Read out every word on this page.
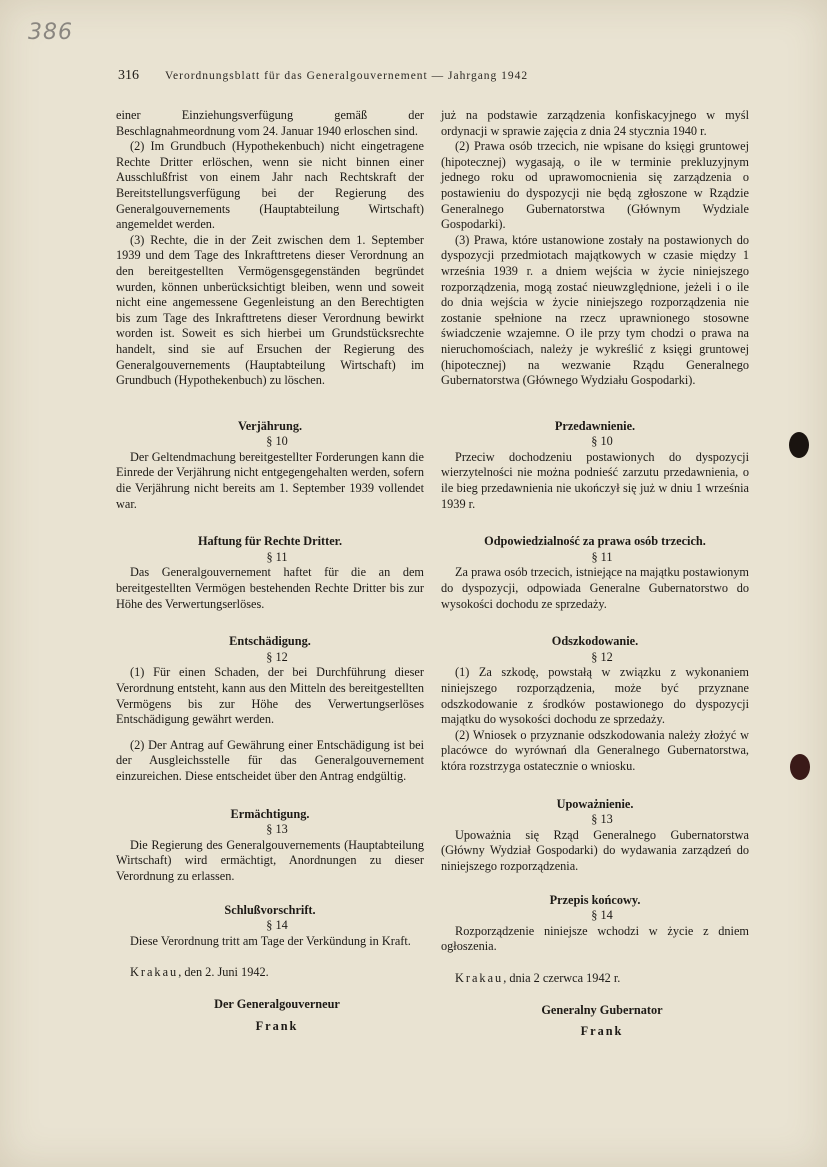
386
316 Verordnungsblatt für das Generalgouvernement — Jahrgang 1942

einer Einziehungsverfügung gemäß der Beschlagnahmeordnung vom 24. Januar 1940 erloschen sind.

(2) Im Grundbuch (Hypothekenbuch) nicht eingetragene Rechte Dritter erlöschen, wenn sie nicht binnen einer Ausschlußfrist von einem Jahr nach Rechtskraft der Bereitstellungsverfügung bei der Regierung des Generalgouvernements (Hauptabteilung Wirtschaft) angemeldet werden.

(3) Rechte, die in der Zeit zwischen dem 1. September 1939 und dem Tage des Inkrafttretens dieser Verordnung an den bereitgestellten Vermögensgegenständen begründet wurden, können unberücksichtigt bleiben, wenn und soweit nicht eine angemessene Gegenleistung an den Berechtigten bis zum Tage des Inkrafttretens dieser Verordnung bewirkt worden ist. Soweit es sich hierbei um Grundstücksrechte handelt, sind sie auf Ersuchen der Regierung des Generalgouvernements (Hauptabteilung Wirtschaft) im Grundbuch (Hypothekenbuch) zu löschen.

Verjährung.

§ 10

Der Geltendmachung bereitgestellter Forderungen kann die Einrede der Verjährung nicht entgegengehalten werden, sofern die Verjährung nicht bereits am 1. September 1939 vollendet war.

Haftung für Rechte Dritter.

§ 11

Das Generalgouvernement haftet für die an dem bereitgestellten Vermögen bestehenden Rechte Dritter bis zur Höhe des Verwertungserlöses.

Entschädigung.

§ 12

(1) Für einen Schaden, der bei Durchführung dieser Verordnung entsteht, kann aus den Mitteln des bereitgestellten Vermögens bis zur Höhe des Verwertungserlöses Entschädigung gewährt werden.

(2) Der Antrag auf Gewährung einer Entschädigung ist bei der Ausgleichsstelle für das Generalgouvernement einzureichen. Diese entscheidet über den Antrag endgültig.

Ermächtigung.

§ 13

Die Regierung des Generalgouvernements (Hauptabteilung Wirtschaft) wird ermächtigt, Anordnungen zu dieser Verordnung zu erlassen.

Schlußvorschrift.

§ 14

Diese Verordnung tritt am Tage der Verkündung in Kraft.

Krakau, den 2. Juni 1942.

Der Generalgouverneur

Frank

już na podstawie zarządzenia konfiskacyjnego w myśl ordynacji w sprawie zajęcia z dnia 24 stycznia 1940 r.

(2) Prawa osób trzecich, nie wpisane do księgi gruntowej (hipotecznej) wygasają, o ile w terminie prekluzyjnym jednego roku od uprawomocnienia się zarządzenia o postawieniu do dyspozycji nie będą zgłoszone w Rządzie Generalnego Gubernatorstwa (Głównym Wydziale Gospodarki).

(3) Prawa, które ustanowione zostały na postawionych do dyspozycji przedmiotach majątkowych w czasie między 1 września 1939 r. a dniem wejścia w życie niniejszego rozporządzenia, mogą zostać nieuwzględnione, jeżeli i o ile do dnia wejścia w życie niniejszego rozporządzenia nie zostanie spełnione na rzecz uprawnionego stosowne świadczenie wzajemne. O ile przy tym chodzi o prawa na nieruchomościach, należy je wykreślić z księgi gruntowej (hipotecznej) na wezwanie Rządu Generalnego Gubernatorstwa (Głównego Wydziału Gospodarki).

Przedawnienie.

§ 10

Przeciw dochodzeniu postawionych do dyspozycji wierzytelności nie można podnieść zarzutu przedawnienia, o ile bieg przedawnienia nie ukończył się już w dniu 1 września 1939 r.

Odpowiedzialność za prawa osób trzecich.

§ 11

Za prawa osób trzecich, istniejące na majątku postawionym do dyspozycji, odpowiada Generalne Gubernatorstwo do wysokości dochodu ze sprzedaży.

Odszkodowanie.

§ 12

(1) Za szkodę, powstałą w związku z wykonaniem niniejszego rozporządzenia, może być przyznane odszkodowanie z środków postawionego do dyspozycji majątku do wysokości dochodu ze sprzedaży.

(2) Wniosek o przyznanie odszkodowania należy złożyć w placówce do wyrównań dla Generalnego Gubernatorstwa, która rozstrzyga ostatecznie o wniosku.

Upoważnienie.

§ 13

Upoważnia się Rząd Generalnego Gubernatorstwa (Główny Wydział Gospodarki) do wydawania zarządzeń do niniejszego rozporządzenia.

Przepis końcowy.

§ 14

Rozporządzenie niniejsze wchodzi w życie z dniem ogłoszenia.

Krakau, dnia 2 czerwca 1942 r.

Generalny Gubernator

Frank
